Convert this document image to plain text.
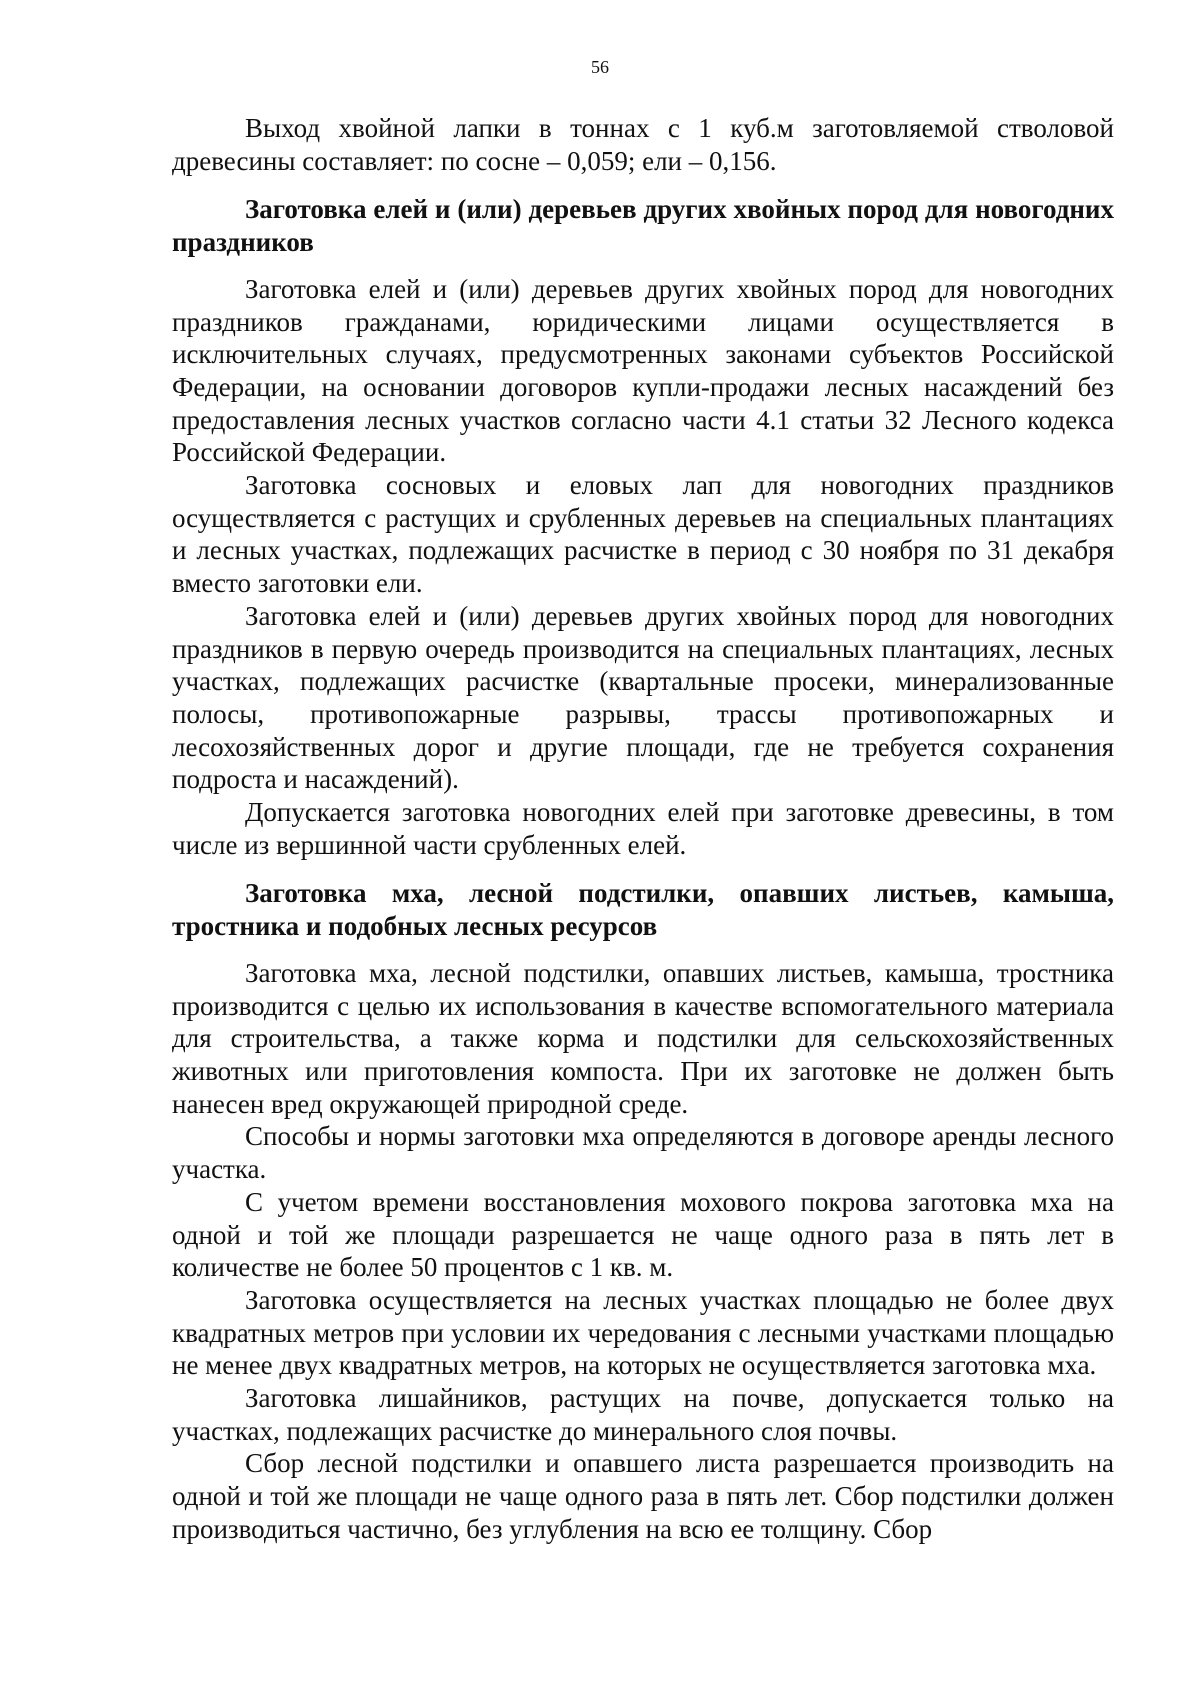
56

Выход хвойной лапки в тоннах с 1 куб.м заготовляемой стволовой древесины составляет: по сосне – 0,059; ели – 0,156.

Заготовка елей и (или) деревьев других хвойных пород для новогодних праздников

Заготовка елей и (или) деревьев других хвойных пород для новогодних праздников гражданами, юридическими лицами осуществляется в исключительных случаях, предусмотренных законами субъектов Российской Федерации, на основании договоров купли-продажи лесных насаждений без предоставления лесных участков согласно части 4.1 статьи 32 Лесного кодекса Российской Федерации.

Заготовка сосновых и еловых лап для новогодних праздников осуществляется с растущих и срубленных деревьев на специальных плантациях и лесных участках, подлежащих расчистке в период с 30 ноября по 31 декабря вместо заготовки ели.

Заготовка елей и (или) деревьев других хвойных пород для новогодних праздников в первую очередь производится на специальных плантациях, лесных участках, подлежащих расчистке (квартальные просеки, минерализованные полосы, противопожарные разрывы, трассы противопожарных и лесохозяйственных дорог и другие площади, где не требуется сохранения подроста и насаждений).

Допускается заготовка новогодних елей при заготовке древесины, в том числе из вершинной части срубленных елей.

Заготовка мха, лесной подстилки, опавших листьев, камыша, тростника и подобных лесных ресурсов

Заготовка мха, лесной подстилки, опавших листьев, камыша, тростника производится с целью их использования в качестве вспомогательного материала для строительства, а также корма и подстилки для сельскохозяйственных животных или приготовления компоста. При их заготовке не должен быть нанесен вред окружающей природной среде.

Способы и нормы заготовки мха определяются в договоре аренды лесного участка.

С учетом времени восстановления мохового покрова заготовка мха на одной и той же площади разрешается не чаще одного раза в пять лет в количестве не более 50 процентов с 1 кв. м.

Заготовка осуществляется на лесных участках площадью не более двух квадратных метров при условии их чередования с лесными участками площадью не менее двух квадратных метров, на которых не осуществляется заготовка мха.

Заготовка лишайников, растущих на почве, допускается только на участках, подлежащих расчистке до минерального слоя почвы.

Сбор лесной подстилки и опавшего листа разрешается производить на одной и той же площади не чаще одного раза в пять лет. Сбор подстилки должен производиться частично, без углубления на всю ее толщину. Сбор
